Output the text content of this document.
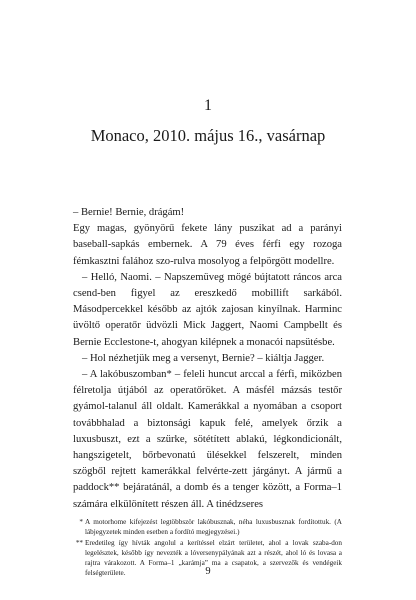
1
Monaco, 2010. május 16., vasárnap

– Bernie! Bernie, drágám!

Egy magas, gyönyörű fekete lány puszikat ad a parányi baseball-sapkás embernek. A 79 éves férfi egy rozoga fémkasztni falához szo-rulva mosolyog a felpörgött modellre.

– Helló, Naomi. – Napszemüveg mögé bújtatott ráncos arca csend-ben figyel az ereszkedő mobillift sarkából. Másodpercekkel később az ajtók zajosan kinyílnak. Harminc üvöltő operatőr üdvözli Mick Jaggert, Naomi Campbellt és Bernie Ecclestone-t, ahogyan kilépnek a monacói napsütésbe.

– Hol nézhetjük meg a versenyt, Bernie? – kiáltja Jagger.

– A lakóbuszomban* – feleli huncut arccal a férfi, miközben félretolja útjából az operatőröket. A másfél mázsás testőr gyámol-talanul áll oldalt. Kamerákkal a nyomában a csoport továbbhalad a biztonsági kapuk felé, amelyek őrzik a luxusbuszt, ezt a szürke, sötétített ablakú, légkondicionált, hangszigetelt, bőrbevonatú ülésekkel felszerelt, minden szögből rejtett kamerákkal felvérte-zett járgányt. A jármű a paddock** bejáratánál, a domb és a tenger között, a Forma–1 számára elkülönített részen áll. A tinédzseres

* A motorhome kifejezést legtöbbször lakóbusznak, néha luxusbusznak fordítottuk. (A lábjegyzetek minden esetben a fordító megjegyzései.)

** Eredetileg így hívták angolul a kerítéssel elzárt területet, ahol a lovak szaba-don legelésztek, később így nevezték a lóversenypályának azt a részét, ahol ló és lovasa a rajtra várakozott. A Forma–1 „karámja” ma a csapatok, a szervezők és vendégeik felségterülete.	9
